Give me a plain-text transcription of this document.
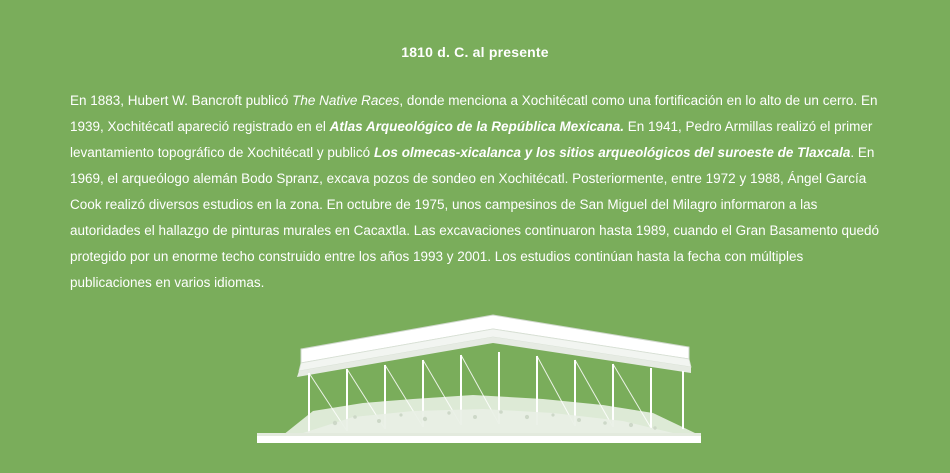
1810 d. C. al presente
En 1883, Hubert W. Bancroft publicó The Native Races, donde menciona a Xochitécatl como una fortificación en lo alto de un cerro. En 1939, Xochitécatl apareció registrado en el Atlas Arqueológico de la República Mexicana. En 1941, Pedro Armillas realizó el primer levantamiento topográfico de Xochitécatl y publicó Los olmecas-xicalanca y los sitios arqueológicos del suroeste de Tlaxcala. En 1969, el arqueólogo alemán Bodo Spranz, excava pozos de sondeo en Xochitécatl. Posteriormente, entre 1972 y 1988, Ángel García Cook realizó diversos estudios en la zona. En octubre de 1975, unos campesinos de San Miguel del Milagro informaron a las autoridades el hallazgo de pinturas murales en Cacaxtla. Las excavaciones continuaron hasta 1989, cuando el Gran Basamento quedó protegido por un enorme techo construido entre los años 1993 y 2001. Los estudios continúan hasta la fecha con múltiples publicaciones en varios idiomas.
